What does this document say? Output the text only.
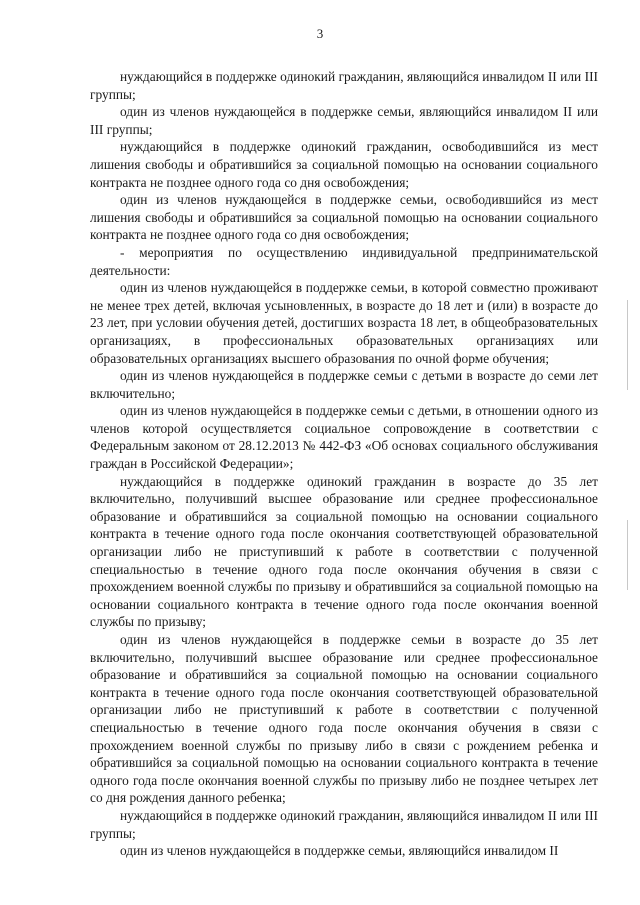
3

нуждающийся в поддержке одинокий гражданин, являющийся инвалидом II или III группы;

один из членов нуждающейся в поддержке семьи, являющийся инвалидом II или III группы;

нуждающийся в поддержке одинокий гражданин, освободившийся из мест лишения свободы и обратившийся за социальной помощью на основании социального контракта не позднее одного года со дня освобождения;

один из членов нуждающейся в поддержке семьи, освободившийся из мест лишения свободы и обратившийся за социальной помощью на основании социального контракта не позднее одного года со дня освобождения;

- мероприятия по осуществлению индивидуальной предпринимательской деятельности:

один из членов нуждающейся в поддержке семьи, в которой совместно проживают не менее трех детей, включая усыновленных, в возрасте до 18 лет и (или) в возрасте до 23 лет, при условии обучения детей, достигших возраста 18 лет, в общеобразовательных организациях, в профессиональных образовательных организациях или образовательных организациях высшего образования по очной форме обучения;

один из членов нуждающейся в поддержке семьи с детьми в возрасте до семи лет включительно;

один из членов нуждающейся в поддержке семьи с детьми, в отношении одного из членов которой осуществляется социальное сопровождение в соответствии с Федеральным законом от 28.12.2013 № 442-ФЗ «Об основах социального обслуживания граждан в Российской Федерации»;

нуждающийся в поддержке одинокий гражданин в возрасте до 35 лет включительно, получивший высшее образование или среднее профессиональное образование и обратившийся за социальной помощью на основании социального контракта в течение одного года после окончания соответствующей образовательной организации либо не приступивший к работе в соответствии с полученной специальностью в течение одного года после окончания обучения в связи с прохождением военной службы по призыву и обратившийся за социальной помощью на основании социального контракта в течение одного года после окончания военной службы по призыву;

один из членов нуждающейся в поддержке семьи в возрасте до 35 лет включительно, получивший высшее образование или среднее профессиональное образование и обратившийся за социальной помощью на основании социального контракта в течение одного года после окончания соответствующей образовательной организации либо не приступивший к работе в соответствии с полученной специальностью в течение одного года после окончания обучения в связи с прохождением военной службы по призыву либо в связи с рождением ребенка и обратившийся за социальной помощью на основании социального контракта в течение одного года после окончания военной службы по призыву либо не позднее четырех лет со дня рождения данного ребенка;

нуждающийся в поддержке одинокий гражданин, являющийся инвалидом II или III группы;

один из членов нуждающейся в поддержке семьи, являющийся инвалидом II
